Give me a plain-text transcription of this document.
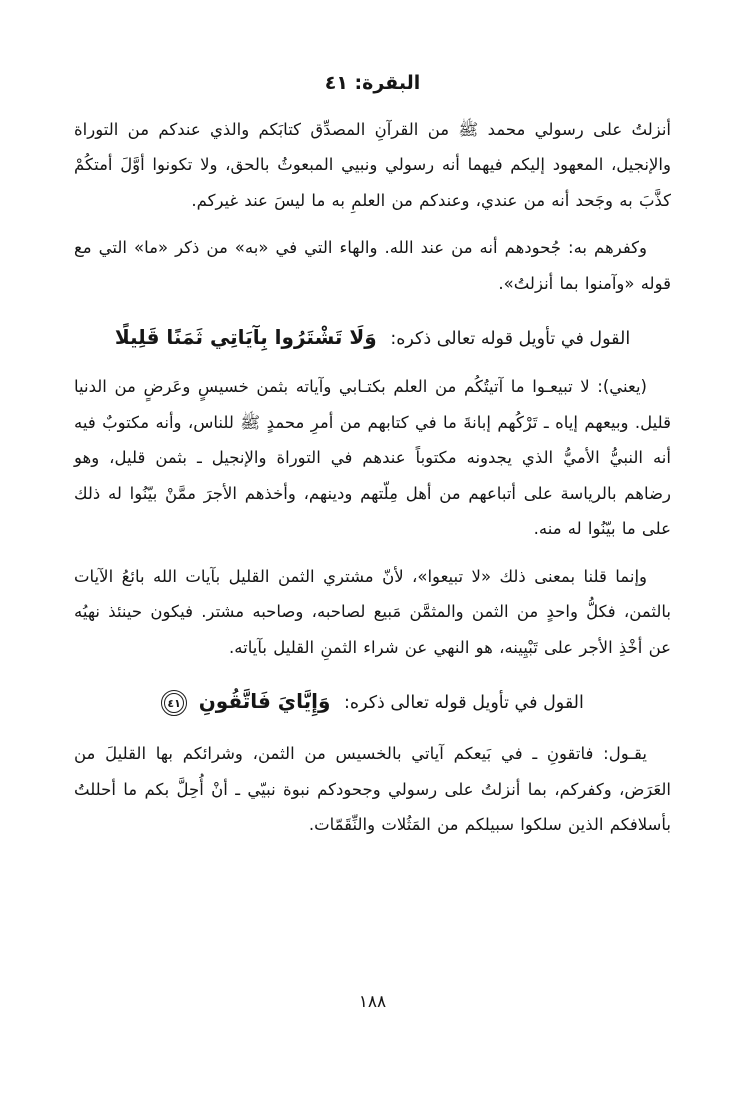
البقرة: ٤١

أنزلتُ على رسولي محمد ﷺ من القرآنِ المصدِّق كتابَكم والذي عندكم من التوراة والإنجيل، المعهود إليكم فيهما أنه رسولي ونبيي المبعوثُ بالحق، ولا تكونوا أوَّلَ أمتكُمْ كذَّبَ به وجَحد أنه من عندي، وعندكم من العلمِ به ما ليسَ عند غيركم.

وكفرهم به: جُحودهم أنه من عند الله. والهاء التي في «به» من ذكر «ما» التي مع قوله «وآمنوا بما أنزلتُ».

القول في تأويل قوله تعالى ذكره: وَلَا تَشْتَرُوا بِآيَاتِي ثَمَنًا قَلِيلًا

(يعني): لا تبيعـوا ما آتيتُكُم من العلم بكتـابي وآياته بثمن خسيسٍ وعَرضٍ من الدنيا قليل. وبيعهم إياه ـ تَرْكُهم إبانةَ ما في كتابهم من أمرِ محمدٍ ﷺ للناس، وأنه مكتوبٌ فيه أنه النبيُّ الأميُّ الذي يجدونه مكتوباً عندهم في التوراة والإنجيل ـ بثمن قليل، وهو رضاهم بالرياسة على أتباعهم من أهل مِلّتهم ودينهم، وأخذهم الأجرَ ممَّنْ بيّنُوا له ذلك على ما بيّنُوا له منه.

وإنما قلنا بمعنى ذلك «لا تبيعوا»، لأنّ مشتري الثمن القليل بآيات الله بائعُ الآيات بالثمن، فكلُّ واحدٍ من الثمن والمثمَّن مَبيع لصاحبه، وصاحبه مشتر. فيكون حينئذ نهيُه عن أخْذِ الأجر على تَبْيِينه، هو النهي عن شراء الثمنِ القليل بآياته.

القول في تأويل قوله تعالى ذكره: وَإِيَّايَ فَاتَّقُونِ
٤١

يقـول: فاتقونِ ـ في بَيعكم آياتي بالخسيس من الثمن، وشرائكم بها القليلَ من العَرَض، وكفركم، بما أنزلتُ على رسولي وجحودكم نبوة نبيّي ـ أنْ أُحِلَّ بكم ما أحللتُ بأسلافكم الذين سلكوا سبيلكم من المَثُلات والنِّقَمّات.

١٨٨
